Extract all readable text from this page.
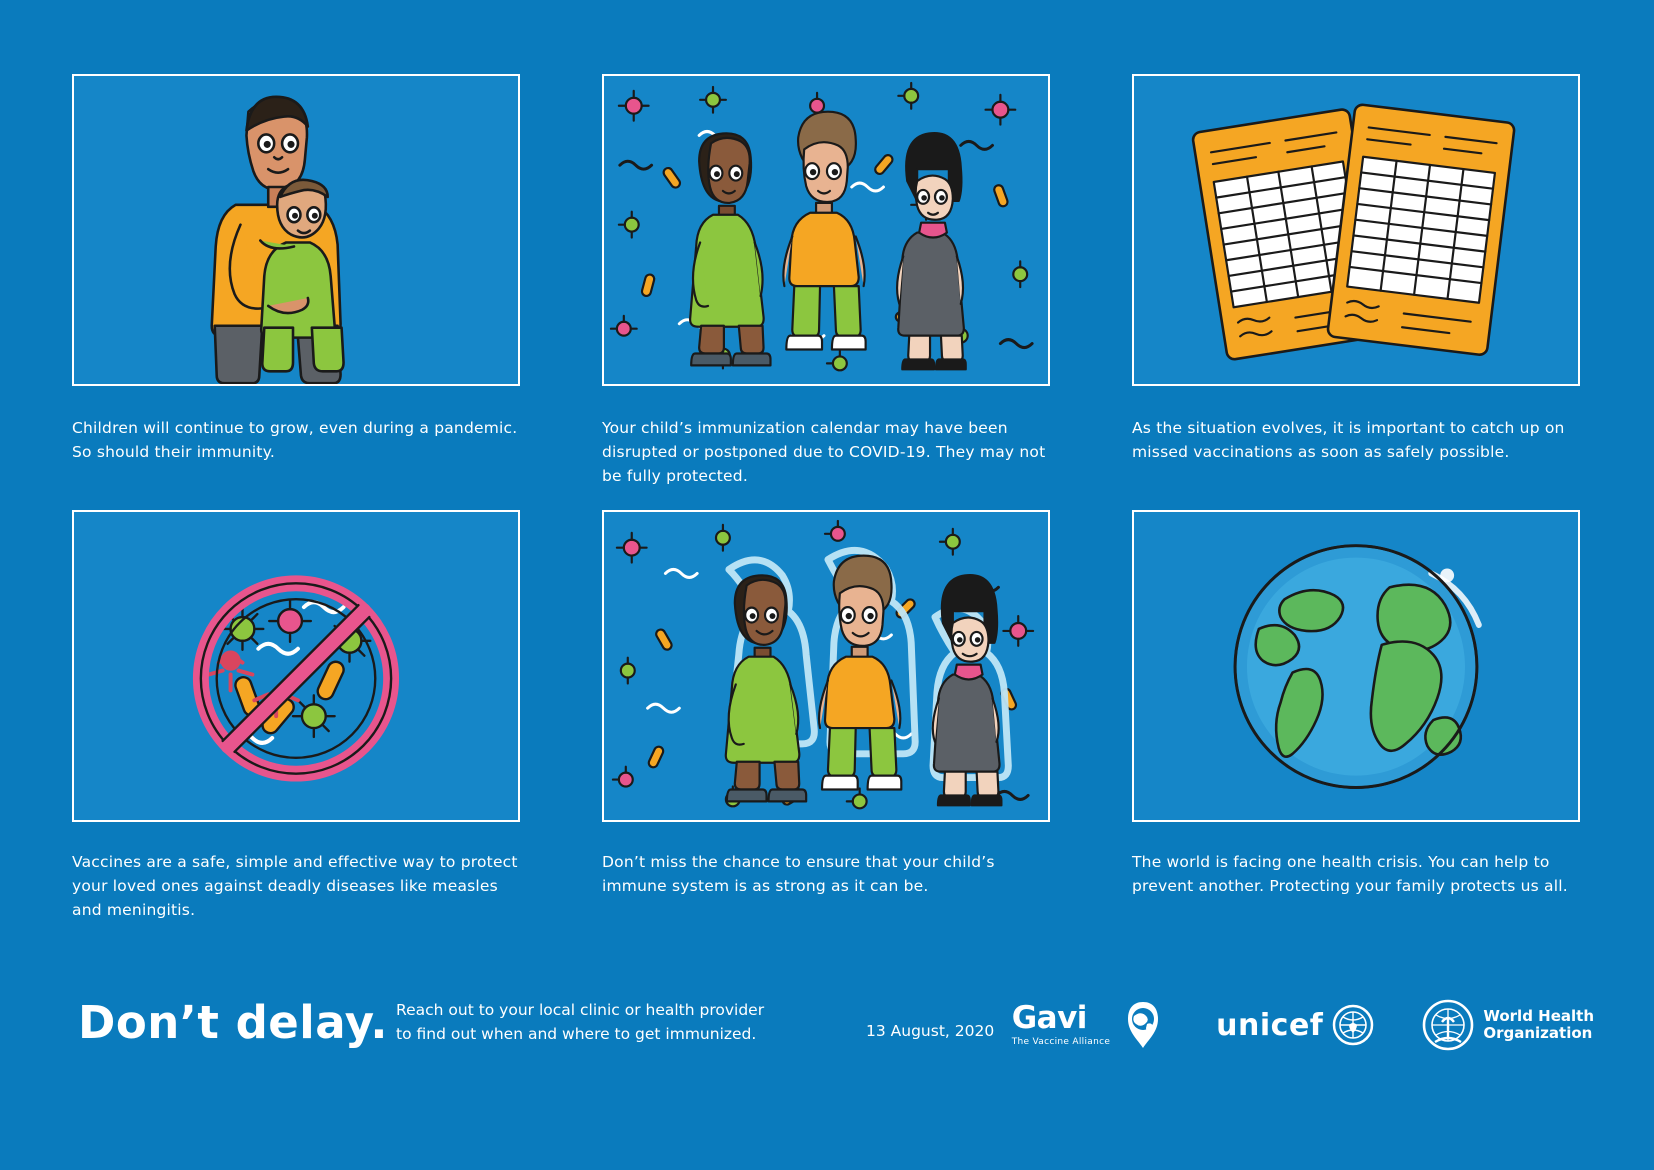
Children will continue to grow, even during a pandemic. So should their immunity.
Your child’s immunization calendar may have been disrupted or postponed due to COVID-19. They may not be fully protected.
As the situation evolves, it is important to catch up on missed vaccinations as soon as safely possible.
Vaccines are a safe, simple and effective way to protect your loved ones against deadly diseases like measles and meningitis.
Don’t miss the chance to ensure that your child’s immune system is as strong as it can be.
The world is facing one health crisis. You can help to prevent another. Protecting your family protects us all.
Don’t delay. Reach out to your local clinic or health provider to find out when and where to get immunized.	13 August, 2020 Gavi
The Vaccine Alliance	unicef	World Health
Organization
